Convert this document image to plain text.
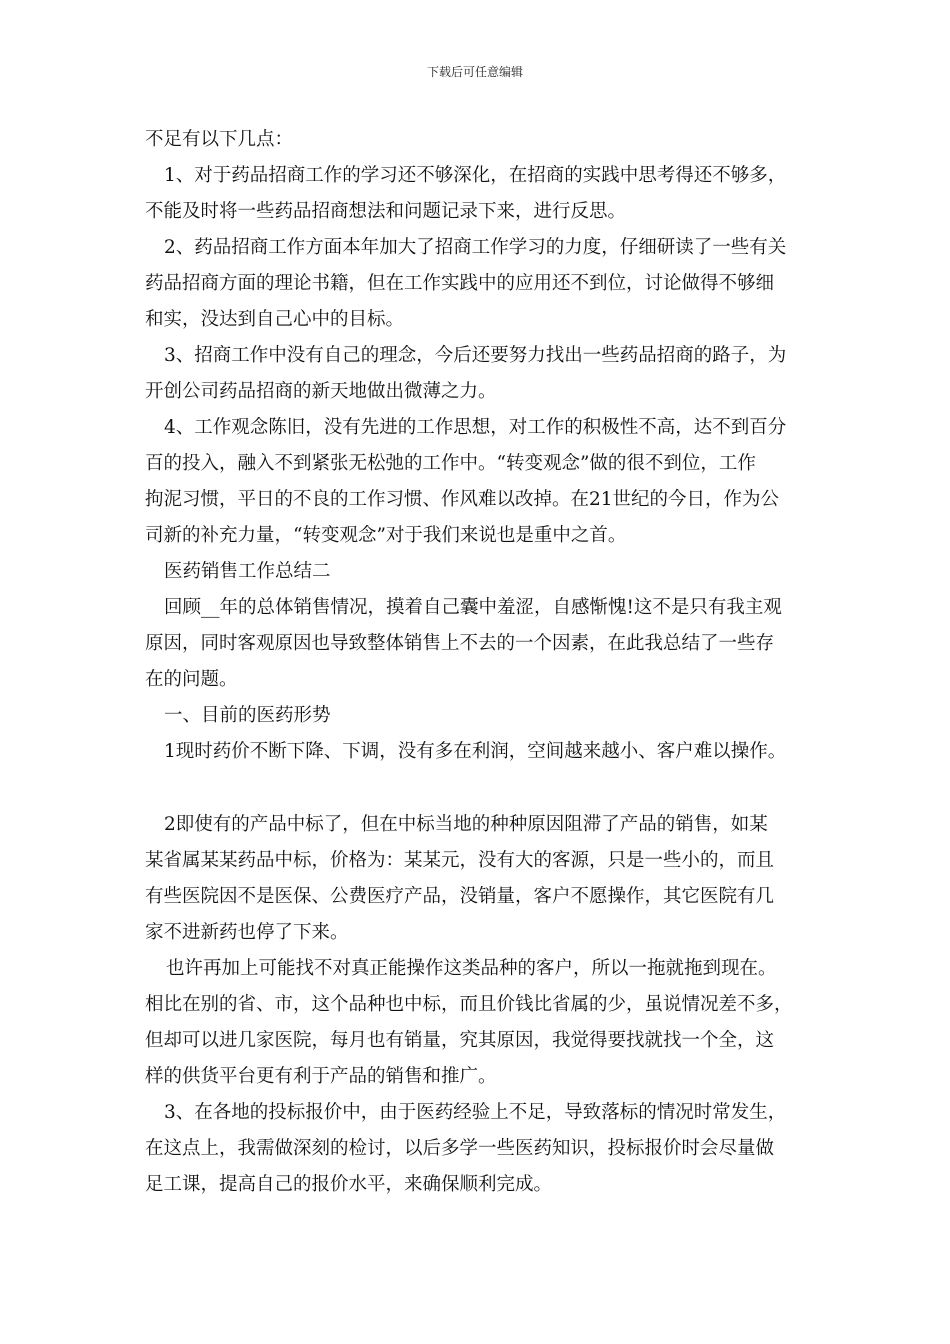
下载后可任意编辑
不足有以下几点：
1、对于药品招商工作的学习还不够深化，在招商的实践中思考得还不够多，
不能及时将一些药品招商想法和问题记录下来，进行反思。
2、药品招商工作方面本年加大了招商工作学习的力度，仔细研读了一些有关
药品招商方面的理论书籍，但在工作实践中的应用还不到位，讨论做得不够细
和实，没达到自己心中的目标。
3、招商工作中没有自己的理念，今后还要努力找出一些药品招商的路子，为
开创公司药品招商的新天地做出微薄之力。
4、工作观念陈旧，没有先进的工作思想，对工作的积极性不高，达不到百分
百的投入，融入不到紧张无松弛的工作中。“转变观念”做的很不到位，工作
拘泥习惯，平日的不良的工作习惯、作风难以改掉。在21世纪的今日，作为公
司新的补充力量，“转变观念”对于我们来说也是重中之首。
医药销售工作总结二
回顾__年的总体销售情况，摸着自己囊中羞涩，自感惭愧!这不是只有我主观
原因，同时客观原因也导致整体销售上不去的一个因素，在此我总结了一些存
在的问题。
一、目前的医药形势
1现时药价不断下降、下调，没有多在利润，空间越来越小、客户难以操作。
2即使有的产品中标了，但在中标当地的种种原因阻滞了产品的销售，如某
某省属某某药品中标，价格为：某某元，没有大的客源，只是一些小的，而且
有些医院因不是医保、公费医疗产品，没销量，客户不愿操作，其它医院有几
家不进新药也停了下来。
也许再加上可能找不对真正能操作这类品种的客户，所以一拖就拖到现在。
相比在别的省、市，这个品种也中标，而且价钱比省属的少，虽说情况差不多，
但却可以进几家医院，每月也有销量，究其原因，我觉得要找就找一个全，这
样的供货平台更有利于产品的销售和推广。
3、在各地的投标报价中，由于医药经验上不足，导致落标的情况时常发生，
在这点上，我需做深刻的检讨，以后多学一些医药知识，投标报价时会尽量做
足工课，提高自己的报价水平，来确保顺利完成。
